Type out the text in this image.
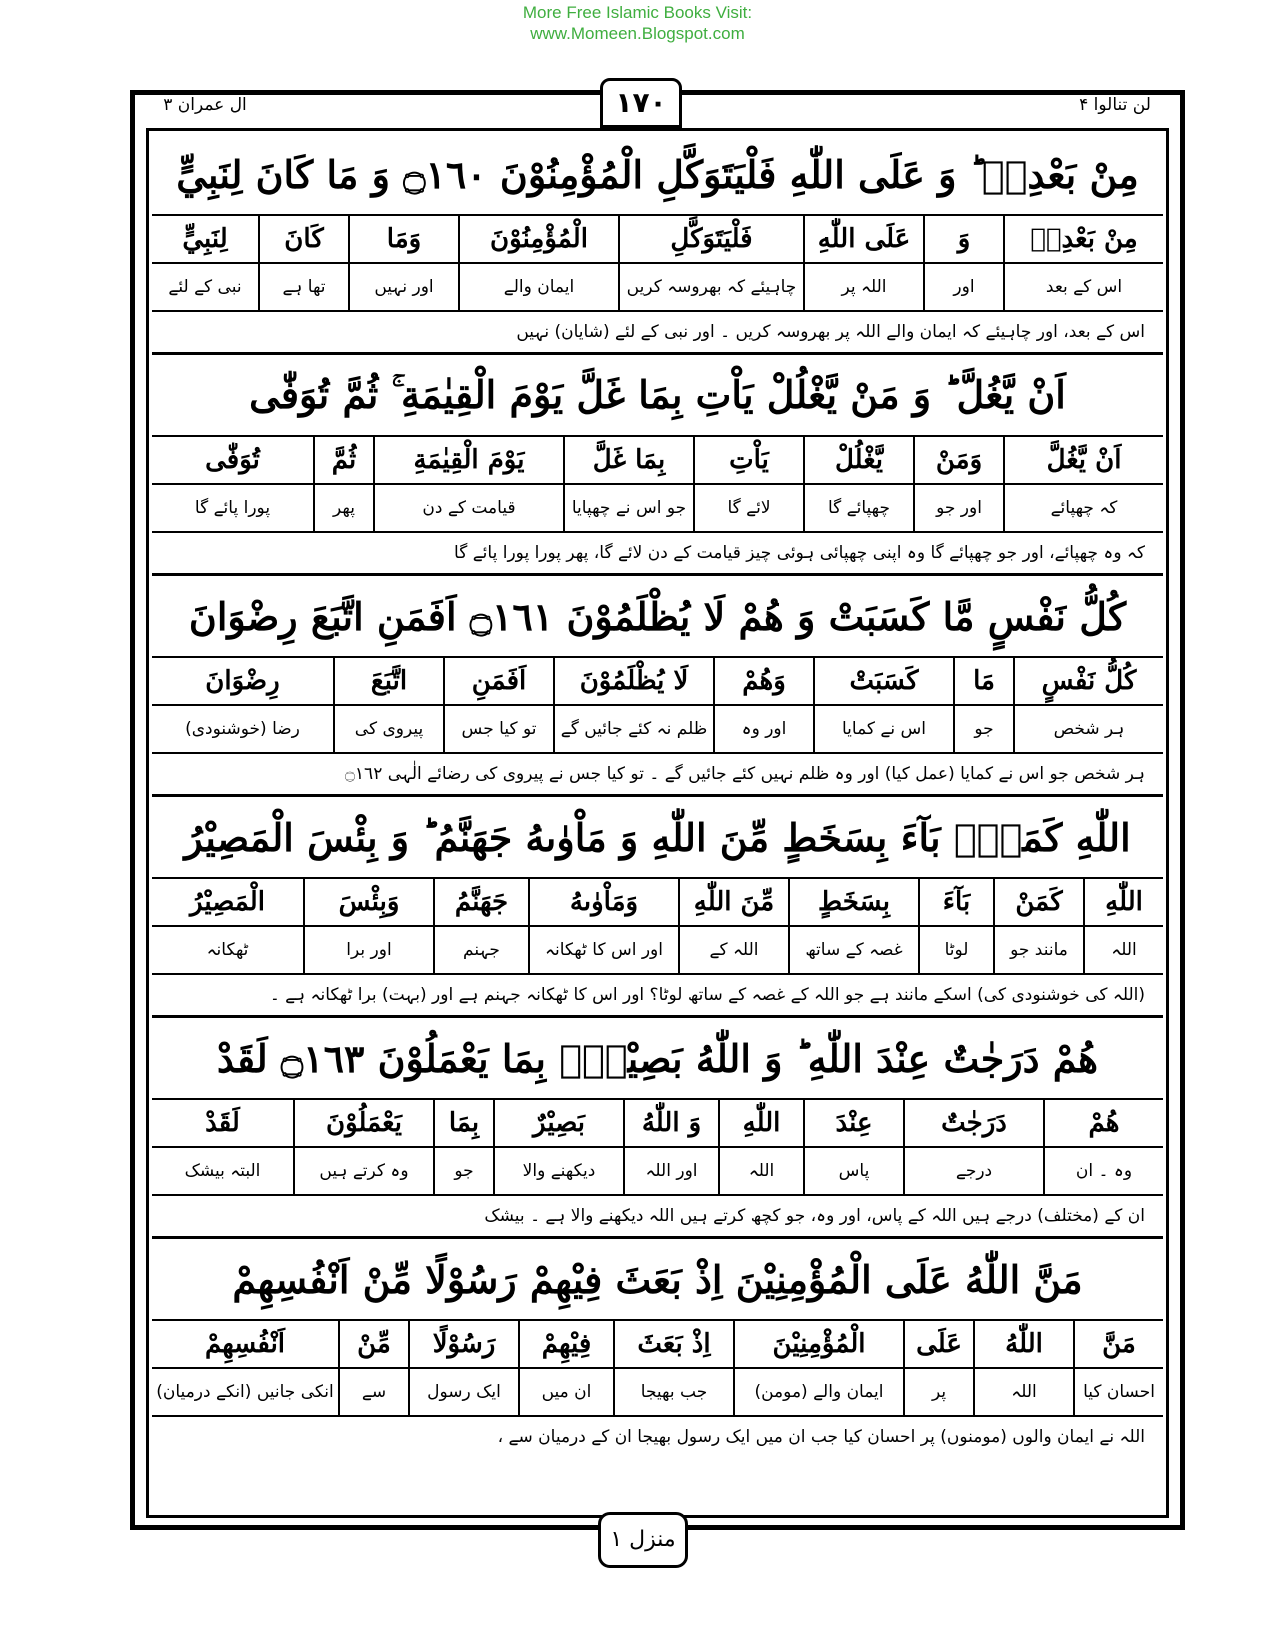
More Free Islamic Books Visit:
www.Momeen.Blogspot.com
لن تنالوا ۴
۱۷۰
ال عمران ۳
مِنْ بَعْدِهٖ ؕ وَ عَلَى اللّٰهِ فَلْيَتَوَكَّلِ الْمُؤْمِنُوْنَ ۝١٦٠ وَ مَا كَانَ لِنَبِيٍّ
مِنْ بَعْدِهٖ
وَ
عَلَى اللّٰهِ
فَلْيَتَوَكَّلِ
الْمُؤْمِنُوْنَ
وَمَا
كَانَ
لِنَبِيٍّ
اس کے بعد
اور
اللہ پر
چاہیئے کہ بھروسہ کریں
ایمان والے
اور نہیں
تھا ہے
نبی کے لئے
اس کے بعد، اور چاہیئے کہ ایمان والے اللہ پر بھروسہ کریں ۔ اور نبی کے لئے (شایان) نہیں
اَنْ يَّغُلَّ ؕ وَ مَنْ يَّغْلُلْ يَاْتِ بِمَا غَلَّ يَوْمَ الْقِيٰمَةِ ۚ ثُمَّ تُوَفّٰى
اَنْ يَّغُلَّ
وَمَنْ
يَّغْلُلْ
يَاْتِ
بِمَا غَلَّ
يَوْمَ الْقِيٰمَةِ
ثُمَّ
تُوَفّٰى
کہ چھپائے
اور جو
چھپائے گا
لائے گا
جو اس نے چھپایا
قیامت کے دن
پھر
پورا پائے گا
کہ وہ چھپائے، اور جو چھپائے گا وہ اپنی چھپائی ہوئی چیز قیامت کے دن لائے گا، پھر پورا پورا پائے گا
كُلُّ نَفْسٍ مَّا كَسَبَتْ وَ هُمْ لَا يُظْلَمُوْنَ ۝١٦١ اَفَمَنِ اتَّبَعَ رِضْوَانَ
كُلُّ نَفْسٍ
مَا
كَسَبَتْ
وَهُمْ
لَا يُظْلَمُوْنَ
اَفَمَنِ
اتَّبَعَ
رِضْوَانَ
ہر شخص
جو
اس نے کمایا
اور وہ
ظلم نہ کئے جائیں گے
تو کیا جس
پیروی کی
رضا (خوشنودی)
ہر شخص جو اس نے کمایا (عمل کیا) اور وہ ظلم نہیں کئے جائیں گے ۔ تو کیا جس نے پیروی کی رضائے الٰہی ۝١٦٢
اللّٰهِ كَمَنْۢ بَآءَ بِسَخَطٍ مِّنَ اللّٰهِ وَ مَاْوٰىهُ جَهَنَّمُ ؕ وَ بِئْسَ الْمَصِيْرُ
اللّٰهِ
كَمَنْ
بَآءَ
بِسَخَطٍ
مِّنَ اللّٰهِ
وَمَاْوٰىهُ
جَهَنَّمُ
وَبِئْسَ
الْمَصِيْرُ
اللہ
مانند جو
لوٹا
غصہ کے ساتھ
اللہ کے
اور اس کا ٹھکانہ
جہنم
اور برا
ٹھکانہ
(اللہ کی خوشنودی کی) اسکے مانند ہے جو اللہ کے غصہ کے ساتھ لوٹا؟ اور اس کا ٹھکانہ جہنم ہے اور (بہت) برا ٹھکانہ ہے ۔
هُمْ دَرَجٰتٌ عِنْدَ اللّٰهِ ؕ وَ اللّٰهُ بَصِيْرٌۢ بِمَا يَعْمَلُوْنَ ۝١٦٣ لَقَدْ
هُمْ
دَرَجٰتٌ
عِنْدَ
اللّٰهِ
وَ اللّٰهُ
بَصِيْرٌ
بِمَا
يَعْمَلُوْنَ
لَقَدْ
وہ ۔ ان
درجے
پاس
اللہ
اور اللہ
دیکھنے والا
جو
وہ کرتے ہیں
البتہ بیشک
ان کے (مختلف) درجے ہیں اللہ کے پاس، اور وہ، جو کچھ کرتے ہیں اللہ دیکھنے والا ہے ۔ بیشک
مَنَّ اللّٰهُ عَلَى الْمُؤْمِنِيْنَ اِذْ بَعَثَ فِيْهِمْ رَسُوْلًا مِّنْ اَنْفُسِهِمْ
مَنَّ
اللّٰهُ
عَلَى
الْمُؤْمِنِيْنَ
اِذْ بَعَثَ
فِيْهِمْ
رَسُوْلًا
مِّنْ
اَنْفُسِهِمْ
احسان کیا
اللہ
پر
ایمان والے (مومن)
جب بھیجا
ان میں
ایک رسول
سے
انکی جانیں (انکے درمیان)
اللہ نے ایمان والوں (مومنوں) پر احسان کیا جب ان میں ایک رسول بھیجا ان کے درمیان سے ،
منزل ۱
